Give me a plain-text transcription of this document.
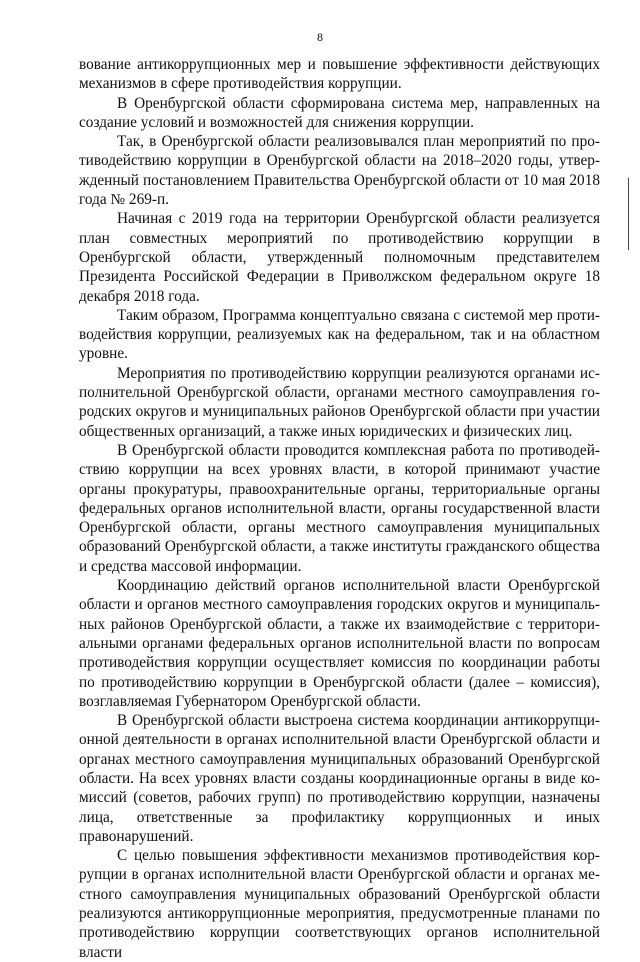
8

вование антикоррупционных мер и повышение эффективности действующих механизмов в сфере противодействия коррупции.

В Оренбургской области сформирована система мер, направленных на создание условий и возможностей для снижения коррупции.

Так, в Оренбургской области реализовывался план мероприятий по противодействию коррупции в Оренбургской области на 2018–2020 годы, утвержденный постановлением Правительства Оренбургской области от 10 мая 2018 года № 269-п.

Начиная с 2019 года на территории Оренбургской области реализуется план совместных мероприятий по противодействию коррупции в Оренбургской области, утвержденный полномочным представителем Президента Российской Федерации в Приволжском федеральном округе 18 декабря 2018 года.

Таким образом, Программа концептуально связана с системой мер противодействия коррупции, реализуемых как на федеральном, так и на областном уровне.

Мероприятия по противодействию коррупции реализуются органами исполнительной Оренбургской области, органами местного самоуправления городских округов и муниципальных районов Оренбургской области при участии общественных организаций, а также иных юридических и физических лиц.

В Оренбургской области проводится комплексная работа по противодействию коррупции на всех уровнях власти, в которой принимают участие органы прокуратуры, правоохранительные органы, территориальные органы федеральных органов исполнительной власти, органы государственной власти Оренбургской области, органы местного самоуправления муниципальных образований Оренбургской области, а также институты гражданского общества и средства массовой информации.

Координацию действий органов исполнительной власти Оренбургской области и органов местного самоуправления городских округов и муниципальных районов Оренбургской области, а также их взаимодействие с территориальными органами федеральных органов исполнительной власти по вопросам противодействия коррупции осуществляет комиссия по координации работы по противодействию коррупции в Оренбургской области (далее – комиссия), возглавляемая Губернатором Оренбургской области.

В Оренбургской области выстроена система координации антикоррупционной деятельности в органах исполнительной власти Оренбургской области и органах местного самоуправления муниципальных образований Оренбургской области. На всех уровнях власти созданы координационные органы в виде комиссий (советов, рабочих групп) по противодействию коррупции, назначены лица, ответственные за профилактику коррупционных и иных правонарушений.

С целью повышения эффективности механизмов противодействия коррупции в органах исполнительной власти Оренбургской области и органах местного самоуправления муниципальных образований Оренбургской области реализуются антикоррупционные мероприятия, предусмотренные планами по противодействию коррупции соответствующих органов исполнительной власти
